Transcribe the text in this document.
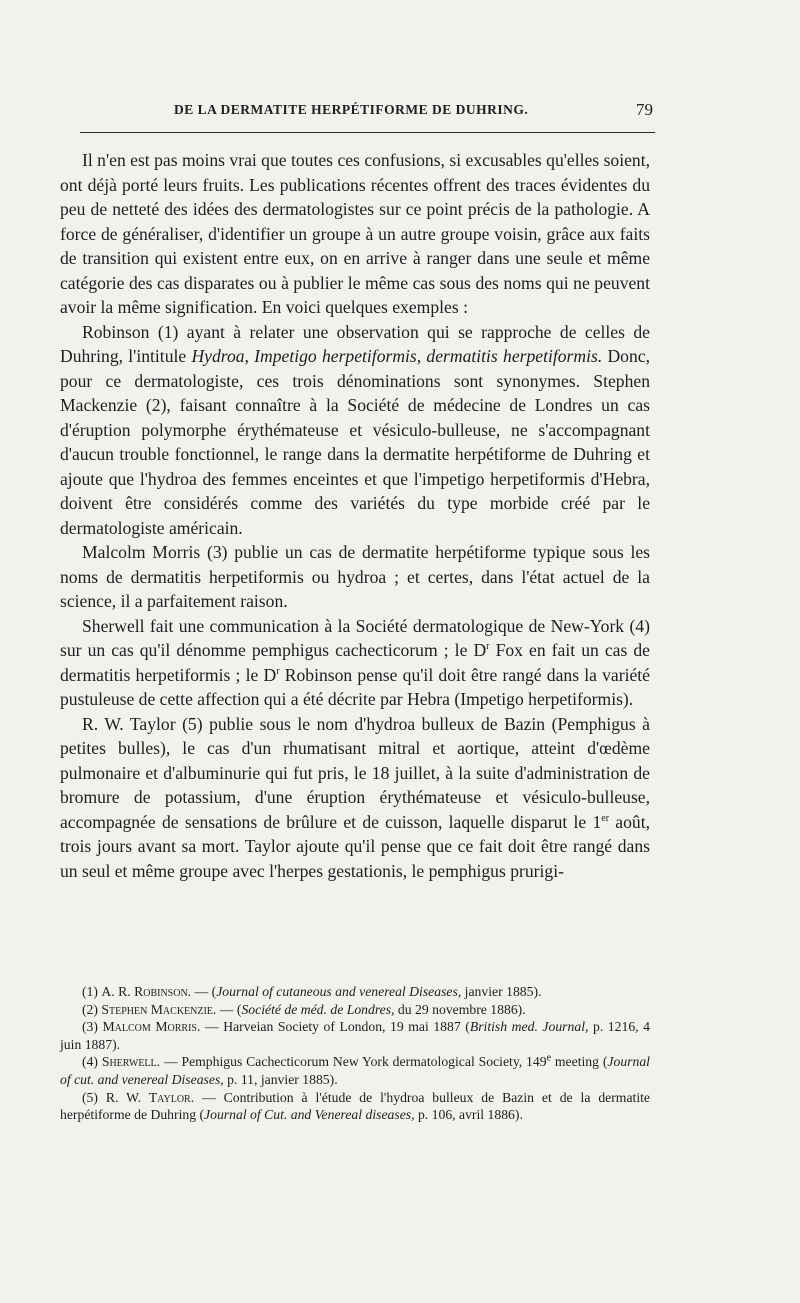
DE LA DERMATITE HERPÉTIFORME DE DUHRING.	79

Il n'en est pas moins vrai que toutes ces confusions, si excusables qu'elles soient, ont déjà porté leurs fruits. Les publications récentes offrent des traces évidentes du peu de netteté des idées des dermatologistes sur ce point précis de la pathologie. A force de généraliser, d'identifier un groupe à un autre groupe voisin, grâce aux faits de transition qui existent entre eux, on en arrive à ranger dans une seule et même catégorie des cas disparates ou à publier le même cas sous des noms qui ne peuvent avoir la même signification. En voici quelques exemples :

Robinson (1) ayant à relater une observation qui se rapproche de celles de Duhring, l'intitule Hydroa, Impetigo herpetiformis, dermatitis herpetiformis. Donc, pour ce dermatologiste, ces trois dénominations sont synonymes. Stephen Mackenzie (2), faisant connaître à la Société de médecine de Londres un cas d'éruption polymorphe érythémateuse et vésiculo-bulleuse, ne s'accompagnant d'aucun trouble fonctionnel, le range dans la dermatite herpétiforme de Duhring et ajoute que l'hydroa des femmes enceintes et que l'impetigo herpetiformis d'Hebra, doivent être considérés comme des variétés du type morbide créé par le dermatologiste américain.

Malcolm Morris (3) publie un cas de dermatite herpétiforme typique sous les noms de dermatitis herpetiformis ou hydroa ; et certes, dans l'état actuel de la science, il a parfaitement raison.

Sherwell fait une communication à la Société dermatologique de New-York (4) sur un cas qu'il dénomme pemphigus cachecticorum ; le $D^r$ Fox en fait un cas de dermatitis herpetiformis ; le $D^r$ Robinson pense qu'il doit être rangé dans la variété pustuleuse de cette affection qui a été décrite par Hebra (Impetigo herpetiformis).

R. W. Taylor (5) publie sous le nom d'hydroa bulleux de Bazin (Pemphigus à petites bulles), le cas d'un rhumatisant mitral et aortique, atteint d'œdème pulmonaire et d'albuminurie qui fut pris, le 18 juillet, à la suite d'administration de bromure de potassium, d'une éruption érythémateuse et vésiculo-bulleuse, accompagnée de sensations de brûlure et de cuisson, laquelle disparut le 1er août, trois jours avant sa mort. Taylor ajoute qu'il pense que ce fait doit être rangé dans un seul et même groupe avec l'herpes gestationis, le pemphigus prurigi-

(1) A. R. Robinson. — (Journal of cutaneous and venereal Diseases, janvier 1885).

(2) Stephen Mackenzie. — (Société de méd. de Londres, du 29 novembre 1886).

(3) Malcom Morris. — Harveian Society of London, 19 mai 1887 (British med. Journal, p. 1216, 4 juin 1887).

(4) Sherwell. — Pemphigus Cachecticorum New York dermatological Society, 149e meeting (Journal of cut. and venereal Diseases, p. 11, janvier 1885).

(5) R. W. Taylor. — Contribution à l'étude de l'hydroa bulleux de Bazin et de la dermatite herpétiforme de Duhring (Journal of Cut. and Venereal diseases, p. 106, avril 1886).
